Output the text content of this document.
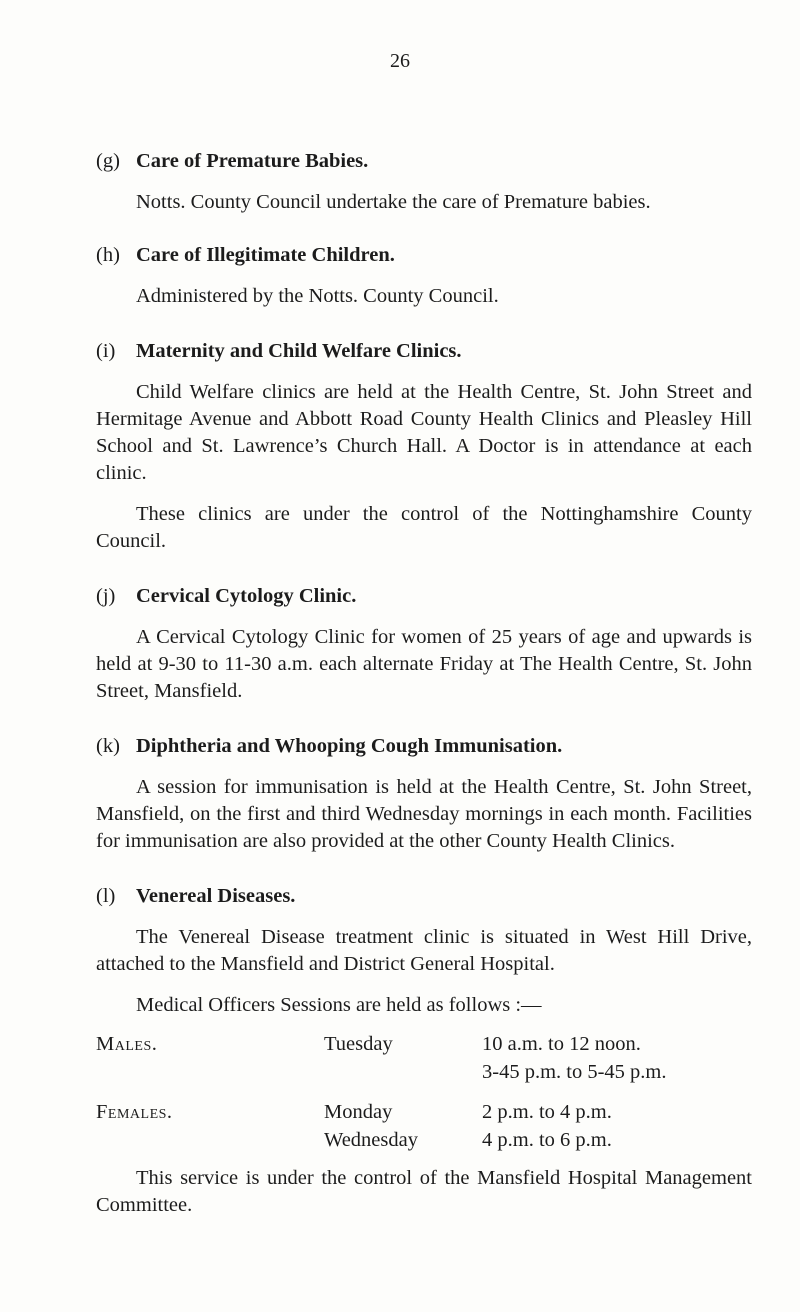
26

(g) Care of Premature Babies.

Notts. County Council undertake the care of Premature babies.

(h) Care of Illegitimate Children.

Administered by the Notts. County Council.

(i) Maternity and Child Welfare Clinics.

Child Welfare clinics are held at the Health Centre, St. John Street and Hermitage Avenue and Abbott Road County Health Clinics and Pleasley Hill School and St. Lawrence’s Church Hall. A Doctor is in attendance at each clinic.

These clinics are under the control of the Nottinghamshire County Council.

(j) Cervical Cytology Clinic.

A Cervical Cytology Clinic for women of 25 years of age and upwards is held at 9-30 to 11-30 a.m. each alternate Friday at The Health Centre, St. John Street, Mansfield.

(k) Diphtheria and Whooping Cough Immunisation.

A session for immunisation is held at the Health Centre, St. John Street, Mansfield, on the first and third Wednesday mornings in each month. Facilities for immunisation are also provided at the other County Health Clinics.

(l) Venereal Diseases.

The Venereal Disease treatment clinic is situated in West Hill Drive, attached to the Mansfield and District General Hospital.

Medical Officers Sessions are held as follows :—

Males.	Tuesday	10 a.m. to 12 noon.
3-45 p.m. to 5-45 p.m.
Females.	Monday	2 p.m. to 4 p.m.
Wednesday	4 p.m. to 6 p.m.

This service is under the control of the Mansfield Hospital Management Committee.
